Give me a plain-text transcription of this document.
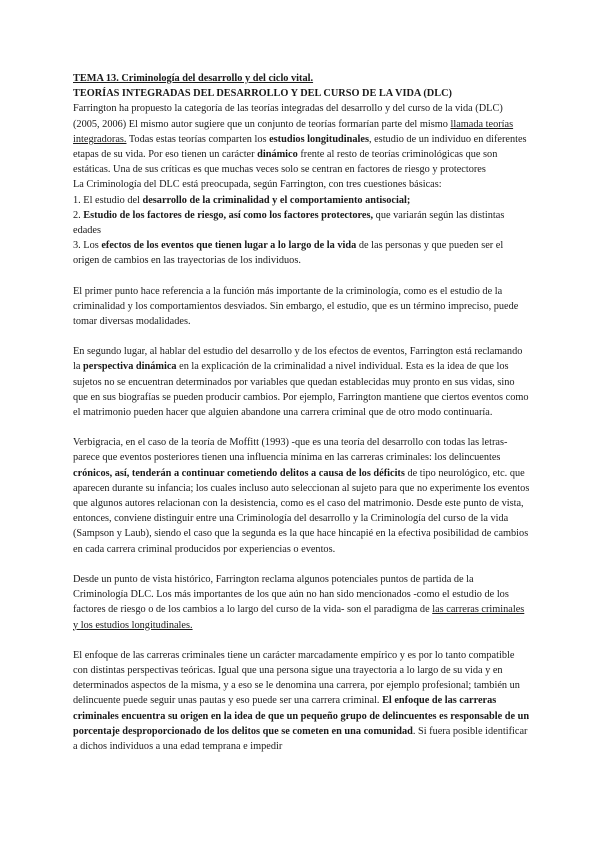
TEMA 13. Criminología del desarrollo y del ciclo vital.

TEORÍAS INTEGRADAS DEL DESARROLLO Y DEL CURSO DE LA VIDA (DLC)

Farrington ha propuesto la categoría de las teorías integradas del desarrollo y del curso de la vida (DLC) (2005, 2006) El mismo autor sugiere que un conjunto de teorías formarían parte del mismo llamada teorías integradoras. Todas estas teorías comparten los estudios longitudinales, estudio de un individuo en diferentes etapas de su vida. Por eso tienen un carácter dinámico frente al resto de teorías criminológicas que son estáticas. Una de sus críticas es que muchas veces solo se centran en factores de riesgo y protectores

La Criminología del DLC está preocupada, según Farrington, con tres cuestiones básicas:

1. El estudio del desarrollo de la criminalidad y el comportamiento antisocial;

2. Estudio de los factores de riesgo, así como los factores protectores, que variarán según las distintas edades

3. Los efectos de los eventos que tienen lugar a lo largo de la vida de las personas y que pueden ser el origen de cambios en las trayectorias de los individuos.

El primer punto hace referencia a la función más importante de la criminología, como es el estudio de la criminalidad y los comportamientos desviados. Sin embargo, el estudio, que es un término impreciso, puede tomar diversas modalidades.

En segundo lugar, al hablar del estudio del desarrollo y de los efectos de eventos, Farrington está reclamando la perspectiva dinámica en la explicación de la criminalidad a nivel individual. Esta es la idea de que los sujetos no se encuentran determinados por variables que quedan establecidas muy pronto en sus vidas, sino que en sus biografías se pueden producir cambios. Por ejemplo, Farrington mantiene que ciertos eventos como el matrimonio pueden hacer que alguien abandone una carrera criminal que de otro modo continuaría.

Verbigracia, en el caso de la teoría de Moffitt (1993) -que es una teoría del desarrollo con todas las letras- parece que eventos posteriores tienen una influencia mínima en las carreras criminales: los delincuentes crónicos, así, tenderán a continuar cometiendo delitos a causa de los déficits de tipo neurológico, etc. que aparecen durante su infancia; los cuales incluso auto seleccionan al sujeto para que no experimente los eventos que algunos autores relacionan con la desistencia, como es el caso del matrimonio. Desde este punto de vista, entonces, conviene distinguir entre una Criminología del desarrollo y la Criminología del curso de la vida (Sampson y Laub), siendo el caso que la segunda es la que hace hincapié en la efectiva posibilidad de cambios en cada carrera criminal producidos por experiencias o eventos.

Desde un punto de vista histórico, Farrington reclama algunos potenciales puntos de partida de la Criminología DLC. Los más importantes de los que aún no han sido mencionados -como el estudio de los factores de riesgo o de los cambios a lo largo del curso de la vida- son el paradigma de las carreras criminales y los estudios longitudinales.

El enfoque de las carreras criminales tiene un carácter marcadamente empírico y es por lo tanto compatible con distintas perspectivas teóricas. Igual que una persona sigue una trayectoria a lo largo de su vida y en determinados aspectos de la misma, y a eso se le denomina una carrera, por ejemplo profesional; también un delincuente puede seguir unas pautas y eso puede ser una carrera criminal. El enfoque de las carreras criminales encuentra su origen en la idea de que un pequeño grupo de delincuentes es responsable de un porcentaje desproporcionado de los delitos que se cometen en una comunidad. Si fuera posible identificar a dichos individuos a una edad temprana e impedir
